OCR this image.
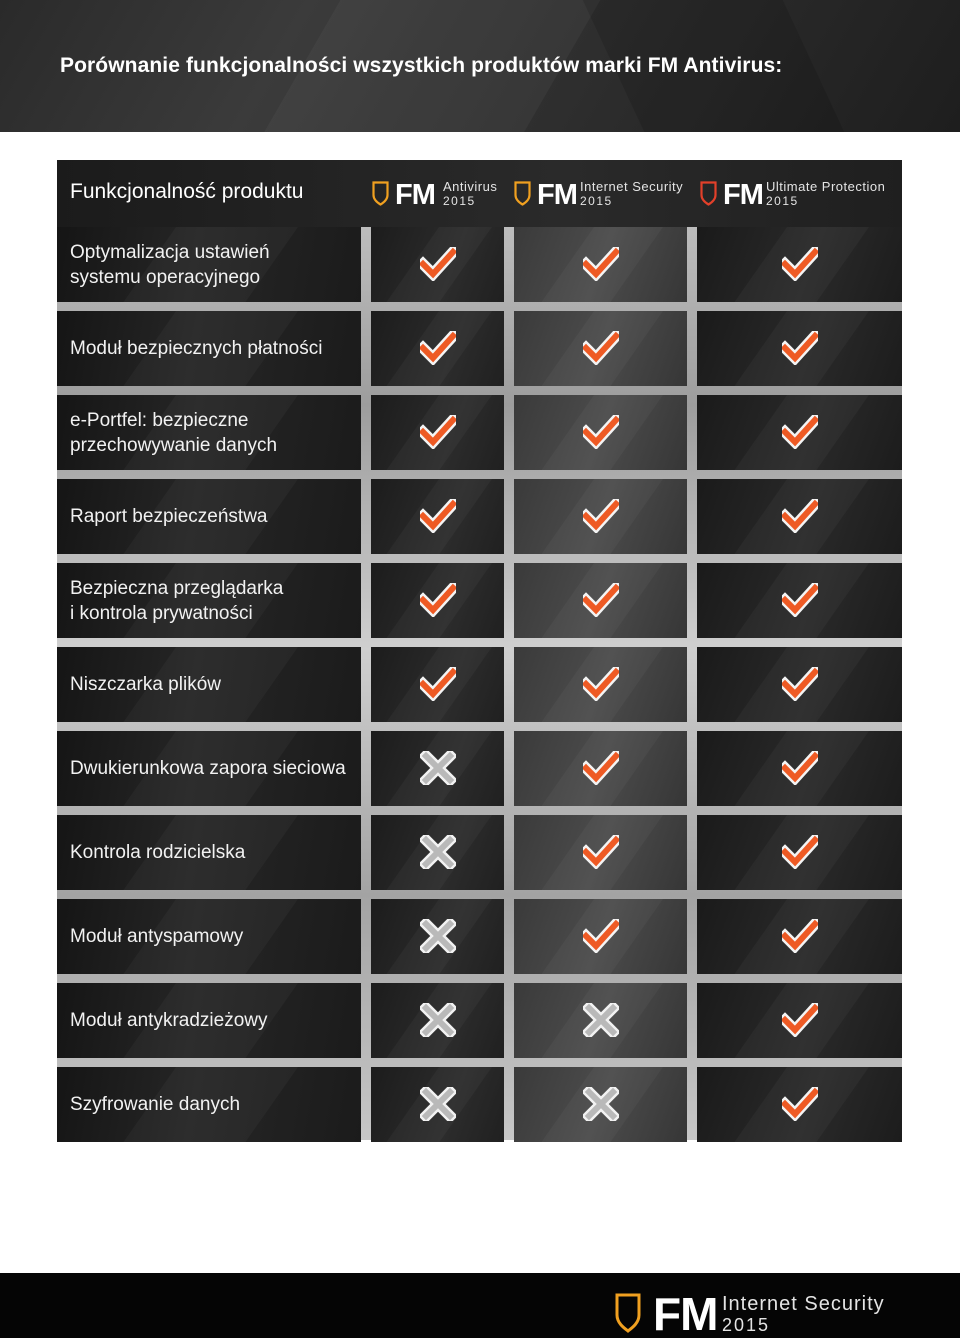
Porównanie funkcjonalności wszystkich produktów marki FM Antivirus:
Funkcjonalność produktu	FM Antivirus
2015 FM Internet Security
2015	FM Ultimate Protection
2015
Optymalizacja ustawień
systemu operacyjnego
Moduł bezpiecznych płatności
e-Portfel: bezpieczne
przechowywanie danych
Raport bezpieczeństwa
Bezpieczna przeglądarka
i kontrola prywatności
Niszczarka plików
Dwukierunkowa zapora sieciowa
Kontrola rodzicielska
Moduł antyspamowy
Moduł antykradzieżowy
Szyfrowanie danych
FM Internet Security
2015
